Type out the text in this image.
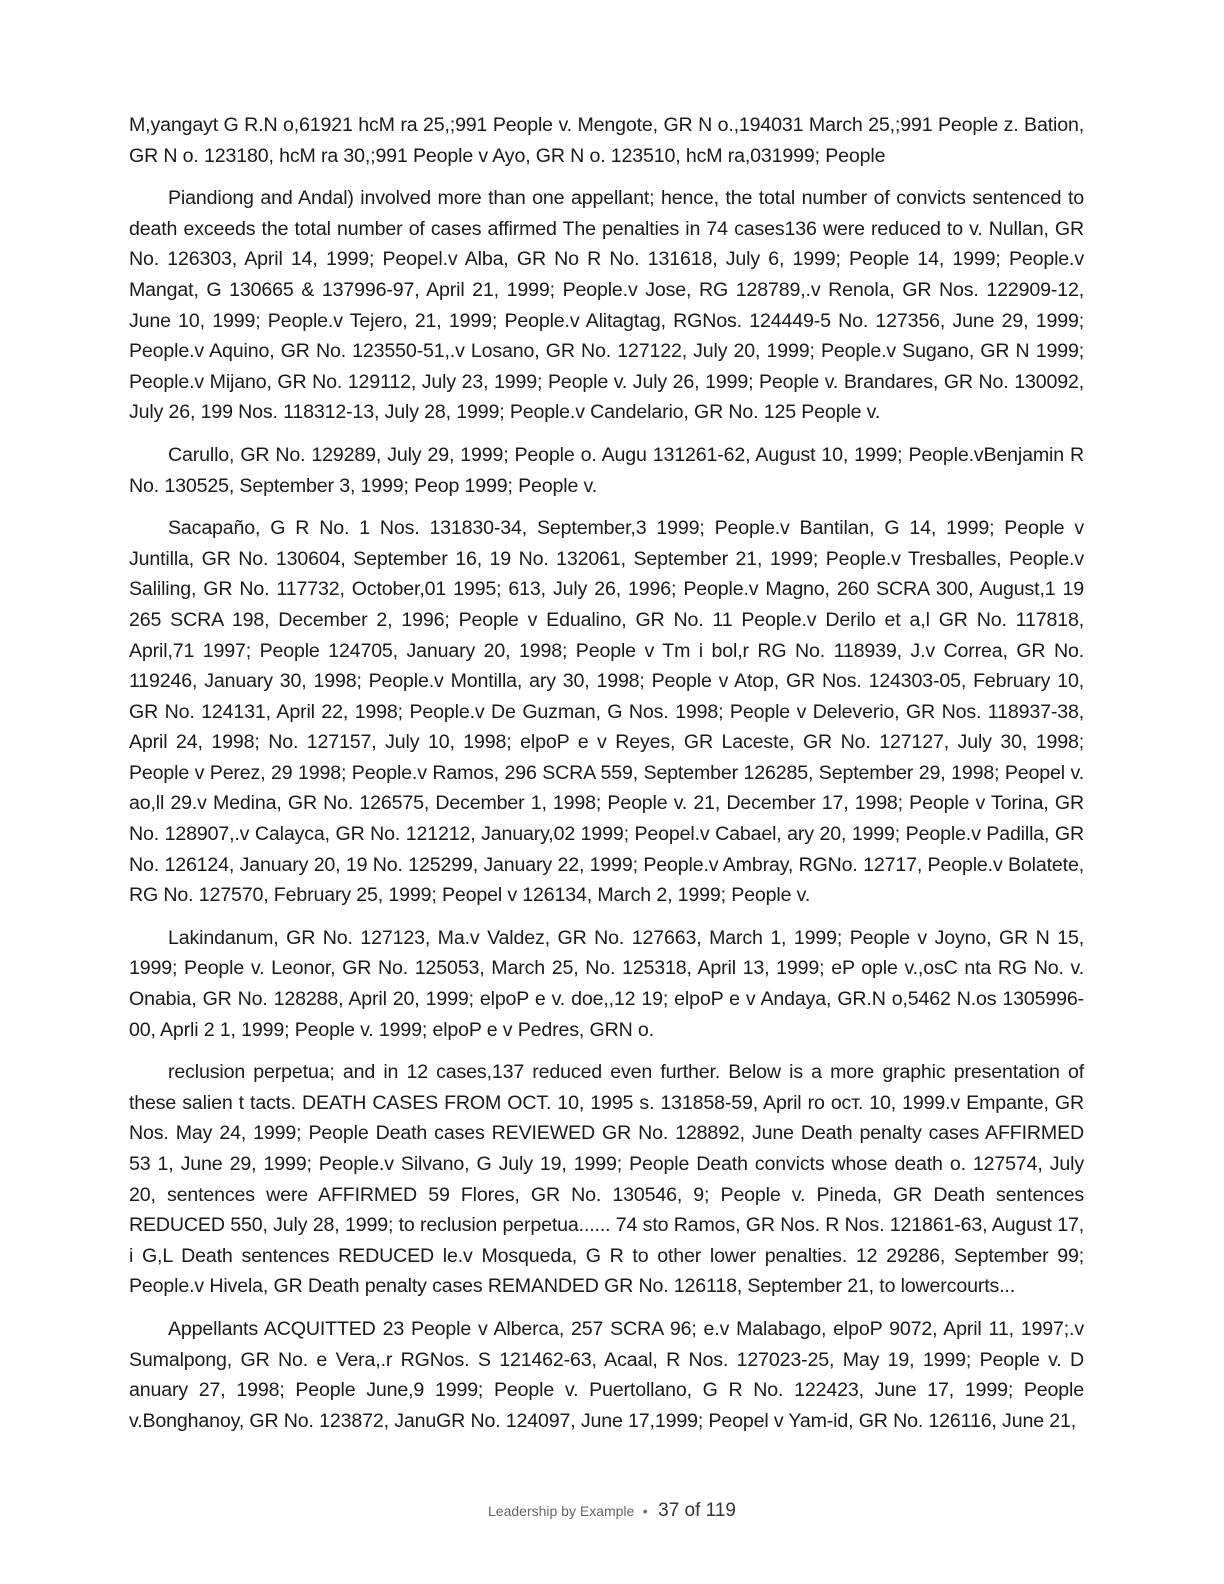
M,yangayt G R.N o,61921 hcM ra 25,;991 People v. Mengote, GR N o.,194031 March 25,;991 People z. Bation, GR N o. 123180, hcM ra 30,;991 People v Ayo, GR N o. 123510, hcM ra,031999; People

Piandiong and Andal) involved more than one appellant; hence, the total number of convicts sentenced to death exceeds the total number of cases affirmed The penalties in 74 cases136 were reduced to v. Nullan, GR No. 126303, April 14, 1999; Peopel.v Alba, GR No R No. 131618, July 6, 1999; People 14, 1999; People.v Mangat, G 130665 & 137996-97, April 21, 1999; People.v Jose, RG 128789,.v Renola, GR Nos. 122909-12, June 10, 1999; People.v Tejero, 21, 1999; People.v Alitagtag, RGNos. 124449-5 No. 127356, June 29, 1999; People.v Aquino, GR No. 123550-51,.v Losano, GR No. 127122, July 20, 1999; People.v Sugano, GR N 1999; People.v Mijano, GR No. 129112, July 23, 1999; People v. July 26, 1999; People v. Brandares, GR No. 130092, July 26, 199 Nos. 118312-13, July 28, 1999; People.v Candelario, GR No. 125 People v.

Carullo, GR No. 129289, July 29, 1999; People o. Augu 131261-62, August 10, 1999; People.vBenjamin R No. 130525, September 3, 1999; Peop 1999; People v.

Sacapaño, G R No. 1 Nos. 131830-34, September,3 1999; People.v Bantilan, G 14, 1999; People v Juntilla, GR No. 130604, September 16, 19 No. 132061, September 21, 1999; People.v Tresballes, People.v Saliling, GR No. 117732, October,01 1995; 613, July 26, 1996; People.v Magno, 260 SCRA 300, August,1 19 265 SCRA 198, December 2, 1996; People v Edualino, GR No. 11 People.v Derilo et a,l GR No. 117818, April,71 1997; People 124705, January 20, 1998; People v Tm i bol,r RG No. 118939, J.v Correa, GR No. 119246, January 30, 1998; People.v Montilla, ary 30, 1998; People v Atop, GR Nos. 124303-05, February 10, GR No. 124131, April 22, 1998; People.v De Guzman, G Nos. 1998; People v Deleverio, GR Nos. 118937-38, April 24, 1998; No. 127157, July 10, 1998; elpoP e v Reyes, GR Laceste, GR No. 127127, July 30, 1998; People v Perez, 29 1998; People.v Ramos, 296 SCRA 559, September 126285, September 29, 1998; Peopel v. ao,ll 29.v Medina, GR No. 126575, December 1, 1998; People v. 21, December 17, 1998; People v Torina, GR No. 128907,.v Calayca, GR No. 121212, January,02 1999; Peopel.v Cabael, ary 20, 1999; People.v Padilla, GR No. 126124, January 20, 19 No. 125299, January 22, 1999; People.v Ambray, RGNo. 12717, People.v Bolatete, RG No. 127570, February 25, 1999; Peopel v 126134, March 2, 1999; People v.

Lakindanum, GR No. 127123, Ma.v Valdez, GR No. 127663, March 1, 1999; People v Joyno, GR N 15, 1999; People v. Leonor, GR No. 125053, March 25, No. 125318, April 13, 1999; eP ople v.,osC nta RG No. v. Onabia, GR No. 128288, April 20, 1999; elpoP e v. doe,,12 19; elpoP e v Andaya, GR.N o,5462 N.os 1305996-00, Aprli 2 1, 1999; People v. 1999; elpoP e v Pedres, GRN o.

reclusion perpetua; and in 12 cases,137 reduced even further. Below is a more graphic presentation of these salien t tacts. DEATH CASES FROM OCT. 10, 1995 s. 131858-59, April ro ост. 10, 1999.v Empante, GR Nos. May 24, 1999; People Death cases REVIEWED GR No. 128892, June Death penalty cases AFFIRMED 53 1, June 29, 1999; People.v Silvano, G July 19, 1999; People Death convicts whose death o. 127574, July 20, sentences were AFFIRMED 59 Flores, GR No. 130546, 9; People v. Pineda, GR Death sentences REDUCED 550, July 28, 1999; to reclusion perpetua...... 74 sto Ramos, GR Nos. R Nos. 121861-63, August 17, i G,L Death sentences REDUCED le.v Mosqueda, G R to other lower penalties. 12 29286, September 99; People.v Hivela, GR Death penalty cases REMANDED GR No. 126118, September 21, to lowercourts...

Appellants ACQUITTED 23 People v Alberca, 257 SCRA 96; e.v Malabago, elpoP 9072, April 11, 1997;.v Sumalpong, GR No. e Vera,.r RGNos. S 121462-63, Acaal, R Nos. 127023-25, May 19, 1999; People v. D anuary 27, 1998; People June,9 1999; People v. Puertollano, G R No. 122423, June 17, 1999; People v.Bonghanoy, GR No. 123872, JanuGR No. 124097, June 17,1999; Peopel v Yam-id, GR No. 126116, June 21,

Leadership by Example • 37 of 119
